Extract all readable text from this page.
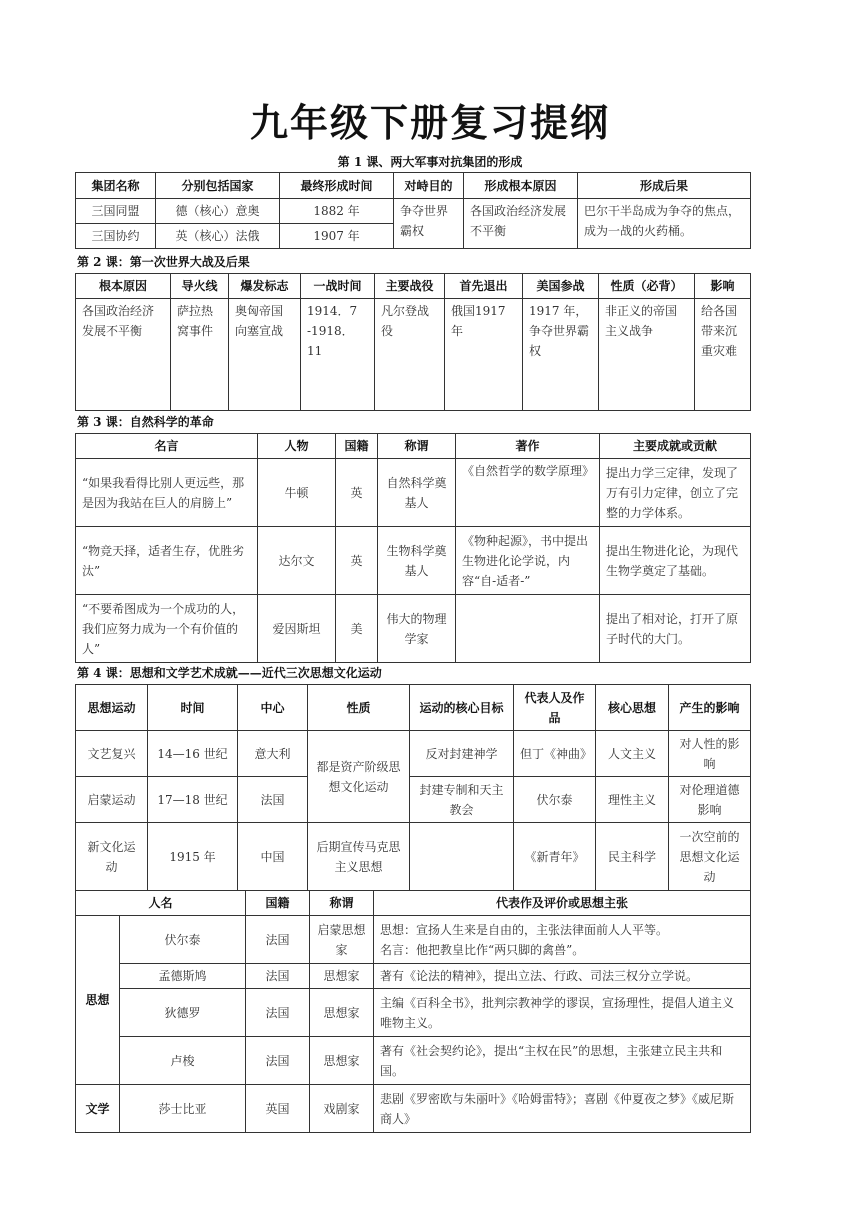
九年级下册复习提纲
第 1 课、两大军事对抗集团的形成
集团名称	分别包括国家	最终形成时间	对峙目的	形成根本原因	形成后果
三国同盟	德（核心）意奥	1882 年	争夺世界霸权	各国政治经济发展不平衡	巴尔干半岛成为争夺的焦点，成为一战的火药桶。
三国协约	英（核心）法俄	1907 年			
第 2 课：第一次世界大战及后果
根本原因	导火线	爆发标志	一战时间	主要战役	首先退出	美国参战	性质（必背）	影响
各国政治经济发展不平衡	萨拉热窝事件	奥匈帝国向塞宣战	1914．7 -1918．11	凡尔登战役	俄国1917年	1917 年，争夺世界霸权	非正义的帝国主义战争	给各国带来沉重灾难
第 3 课：自然科学的革命
名言	人物	国籍	称谓	著作	主要成就或贡献
“如果我看得比别人更远些，那是因为我站在巨人的肩膀上”	牛顿	英	自然科学奠基人	《自然哲学的数学原理》	提出力学三定律，发现了万有引力定律，创立了完整的力学体系。
“物竞天择，适者生存，优胜劣汰”	达尔文	英	生物科学奠基人	《物种起源》，书中提出生物进化论学说，内容“自-适者-”	提出生物进化论，为现代生物学奠定了基础。
“不要希图成为一个成功的人，我们应努力成为一个有价值的人”	爱因斯坦	美	伟大的物理学家		提出了相对论，打开了原子时代的大门。
第 4 课：思想和文学艺术成就——近代三次思想文化运动
思想运动	时间	中心	性质	运动的核心目标	代表人及作品	核心思想	产生的影响
文艺复兴	14—16 世纪	意大利	都是资产阶级思想文化运动	反对封建神学	但丁《神曲》	人文主义	对人性的影响
启蒙运动	17—18 世纪	法国		封建专制和天主教会	伏尔泰	理性主义	对伦理道德影响
新文化运动	1915 年	中国	后期宣传马克思主义思想		《新青年》	民主科学	一次空前的思想文化运动
人名		国籍	称谓	代表作及评价或思想主张
思想	伏尔泰	法国	启蒙思想家	思想：宣扬人生来是自由的，主张法律面前人人平等。
名言：他把教皇比作“两只脚的禽兽”。

	孟德斯鸠	法国	思想家	著有《论法的精神》，提出立法、行政、司法三权分立学说。
	狄德罗	法国	思想家	主编《百科全书》，批判宗教神学的谬误，宣扬理性，提倡人道主义唯物主义。
	卢梭	法国	思想家	著有《社会契约论》，提出“主权在民”的思想，主张建立民主共和国。
文学	莎士比亚	英国	戏剧家	悲剧《罗密欧与朱丽叶》《哈姆雷特》；喜剧《仲夏夜之梦》《威尼斯商人》
